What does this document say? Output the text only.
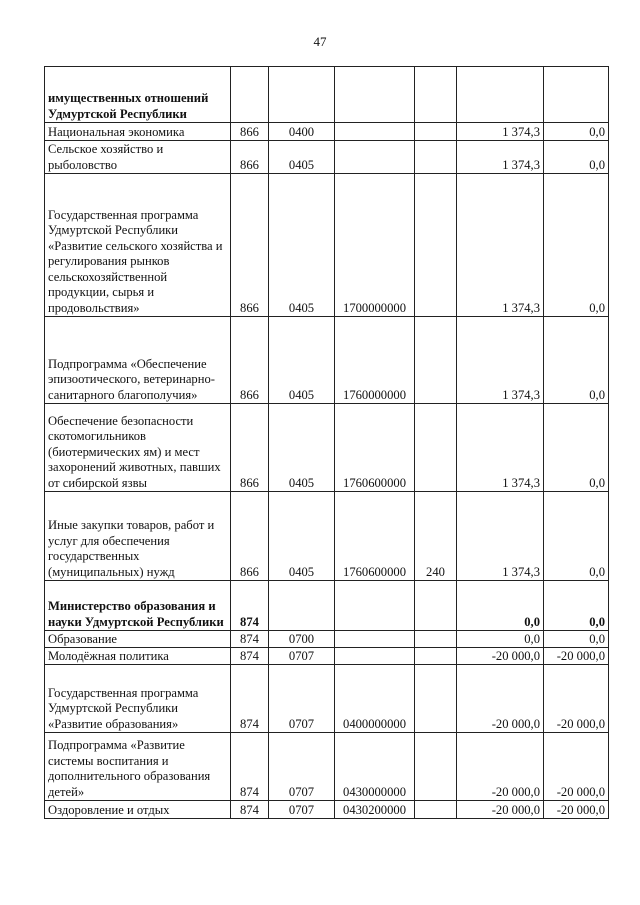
47
имущественных отношений Удмуртской Республики						
Национальная экономика	866	0400			1 374,3	0,0
Сельское хозяйство и рыболовство	866	0405			1 374,3	0,0
Государственная программа Удмуртской Республики «Развитие сельского хозяйства и регулирования рынков сельскохозяйственной продукции, сырья и продовольствия»	866	0405	1700000000		1 374,3	0,0
Подпрограмма «Обеспечение эпизоотического, ветеринарно-санитарного благополучия»	866	0405	1760000000		1 374,3	0,0
Обеспечение безопасности скотомогильников (биотермических ям) и мест захоронений животных, павших от сибирской язвы	866	0405	1760600000		1 374,3	0,0
Иные закупки товаров, работ и услуг для обеспечения государственных (муниципальных) нужд	866	0405	1760600000	240	1 374,3	0,0
Министерство образования и науки Удмуртской Республики	874				0,0	0,0
Образование	874	0700			0,0	0,0
Молодёжная политика	874	0707			-20 000,0	-20 000,0
Государственная программа Удмуртской Республики «Развитие образования»	874	0707	0400000000		-20 000,0	-20 000,0
Подпрограмма «Развитие системы воспитания и дополнительного образования детей»	874	0707	0430000000		-20 000,0	-20 000,0
Оздоровление и отдых	874	0707	0430200000		-20 000,0	-20 000,0
